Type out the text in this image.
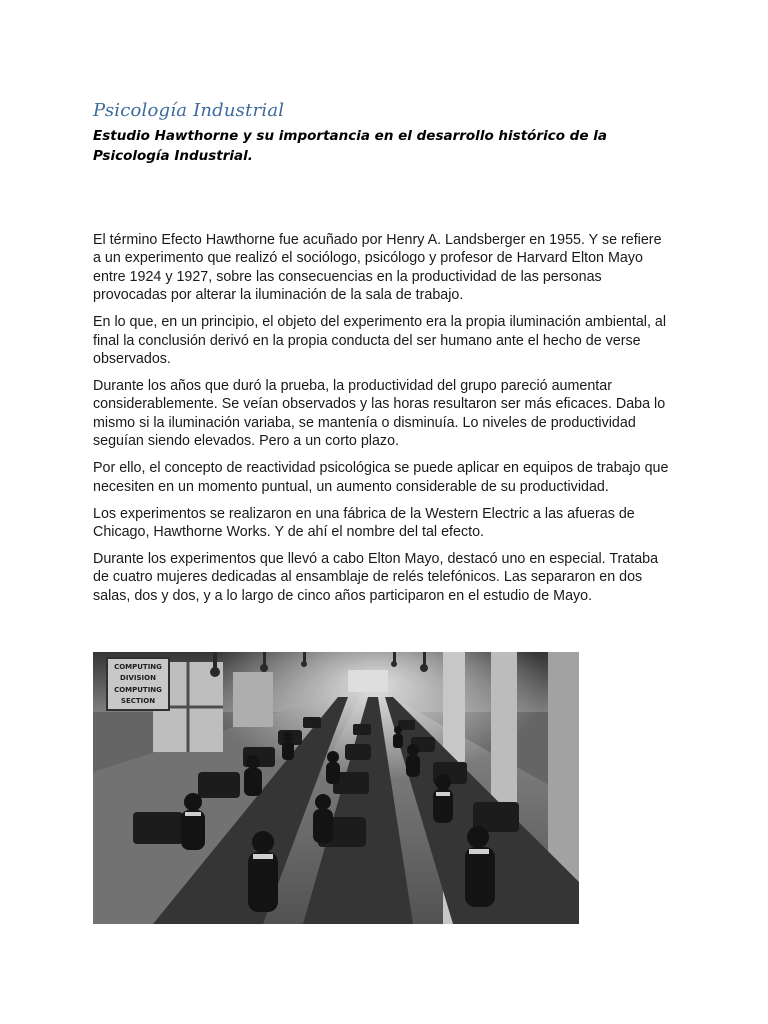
Psicología Industrial
Estudio Hawthorne y su importancia en el desarrollo histórico de la Psicología Industrial.

El término Efecto Hawthorne fue acuñado por Henry A. Landsberger en 1955. Y se refiere a un experimento que realizó el sociólogo, psicólogo y profesor de Harvard Elton Mayo entre 1924 y 1927, sobre las consecuencias en la productividad de las personas provocadas por alterar la iluminación de la sala de trabajo.

En lo que, en un principio, el objeto del experimento era la propia iluminación ambiental, al final la conclusión derivó en la propia conducta del ser humano ante el hecho de verse observados.

Durante los años que duró la prueba, la productividad del grupo pareció aumentar considerablemente. Se veían observados y las horas resultaron ser más eficaces. Daba lo mismo si la iluminación variaba, se mantenía o disminuía. Lo niveles de productividad seguían siendo elevados. Pero a un corto plazo.

Por ello, el concepto de reactividad psicológica se puede aplicar en equipos de trabajo que necesiten en un momento puntual, un aumento considerable de su productividad.

Los experimentos se realizaron en una fábrica de la Western Electric a las afueras de Chicago, Hawthorne Works. Y de ahí el nombre del tal efecto.

Durante los experimentos que llevó a cabo Elton Mayo, destacó uno en especial. Trataba de cuatro mujeres dedicadas al ensamblaje de relés telefónicos. Las separaron en dos salas, dos y dos, y a lo largo de cinco años participaron en el estudio de Mayo.

COMPUTING
DIVISION
COMPUTING
SECTION
